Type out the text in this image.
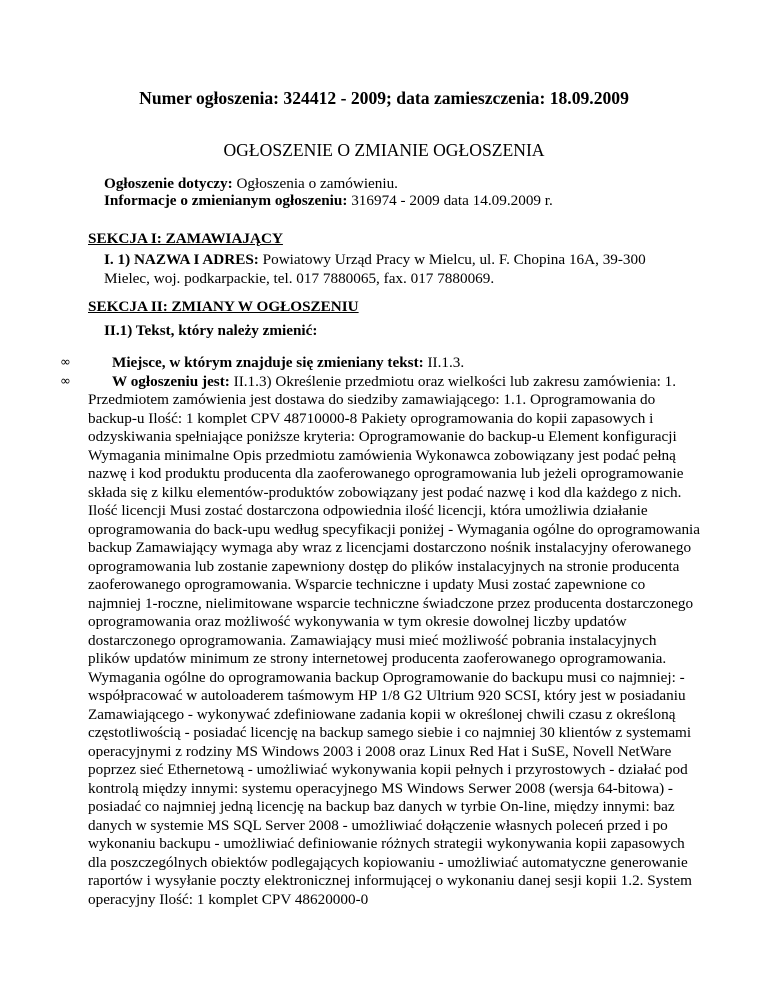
Numer ogłoszenia: 324412 - 2009; data zamieszczenia: 18.09.2009
OGŁOSZENIE O ZMIANIE OGŁOSZENIA
Ogłoszenie dotyczy: Ogłoszenia o zamówieniu.
Informacje o zmienianym ogłoszeniu: 316974 - 2009 data 14.09.2009 r.
SEKCJA I: ZAMAWIAJĄCY
I. 1) NAZWA I ADRES: Powiatowy Urząd Pracy w Mielcu, ul. F. Chopina 16A, 39-300 Mielec, woj. podkarpackie, tel. 017 7880065, fax. 017 7880069.
SEKCJA II: ZMIANY W OGŁOSZENIU
II.1) Tekst, który należy zmienić:
∞	Miejsce, w którym znajduje się zmieniany tekst: II.1.3.
∞	W ogłoszeniu jest: II.1.3) Określenie przedmiotu oraz wielkości lub zakresu zamówienia: 1. Przedmiotem zamówienia jest dostawa do siedziby zamawiającego: 1.1. Oprogramowania do backup-u Ilość: 1 komplet CPV 48710000-8 Pakiety oprogramowania do kopii zapasowych i odzyskiwania spełniające poniższe kryteria: Oprogramowanie do backup-u Element konfiguracji Wymagania minimalne Opis przedmiotu zamówienia Wykonawca zobowiązany jest podać pełną nazwę i kod produktu producenta dla zaoferowanego oprogramowania lub jeżeli oprogramowanie składa się z kilku elementów-produktów zobowiązany jest podać nazwę i kod dla każdego z nich. Ilość licencji Musi zostać dostarczona odpowiednia ilość licencji, która umożliwia działanie oprogramowania do back-upu według specyfikacji poniżej - Wymagania ogólne do oprogramowania backup Zamawiający wymaga aby wraz z licencjami dostarczono nośnik instalacyjny oferowanego oprogramowania lub zostanie zapewniony dostęp do plików instalacyjnych na stronie producenta zaoferowanego oprogramowania. Wsparcie techniczne i updaty Musi zostać zapewnione co najmniej 1-roczne, nielimitowane wsparcie techniczne świadczone przez producenta dostarczonego oprogramowania oraz możliwość wykonywania w tym okresie dowolnej liczby updatów dostarczonego oprogramowania. Zamawiający musi mieć możliwość pobrania instalacyjnych plików updatów minimum ze strony internetowej producenta zaoferowanego oprogramowania. Wymagania ogólne do oprogramowania backup Oprogramowanie do backupu musi co najmniej: - współpracować w autoloaderem taśmowym HP 1/8 G2 Ultrium 920 SCSI, który jest w posiadaniu Zamawiającego - wykonywać zdefiniowane zadania kopii w określonej chwili czasu z określoną częstotliwością - posiadać licencję na backup samego siebie i co najmniej 30 klientów z systemami operacyjnymi z rodziny MS Windows 2003 i 2008 oraz Linux Red Hat i SuSE, Novell NetWare poprzez sieć Ethernetową - umożliwiać wykonywania kopii pełnych i przyrostowych - działać pod kontrolą między innymi: systemu operacyjnego MS Windows Serwer 2008 (wersja 64-bitowa) - posiadać co najmniej jedną licencję na backup baz danych w tyrbie On-line, między innymi: baz danych w systemie MS SQL Server 2008 - umożliwiać dołączenie własnych poleceń przed i po wykonaniu backupu - umożliwiać definiowanie różnych strategii wykonywania kopii zapasowych dla poszczególnych obiektów podlegających kopiowaniu - umożliwiać automatyczne generowanie raportów i wysyłanie poczty elektronicznej informującej o wykonaniu danej sesji kopii 1.2. System operacyjny Ilość: 1 komplet CPV 48620000-0
